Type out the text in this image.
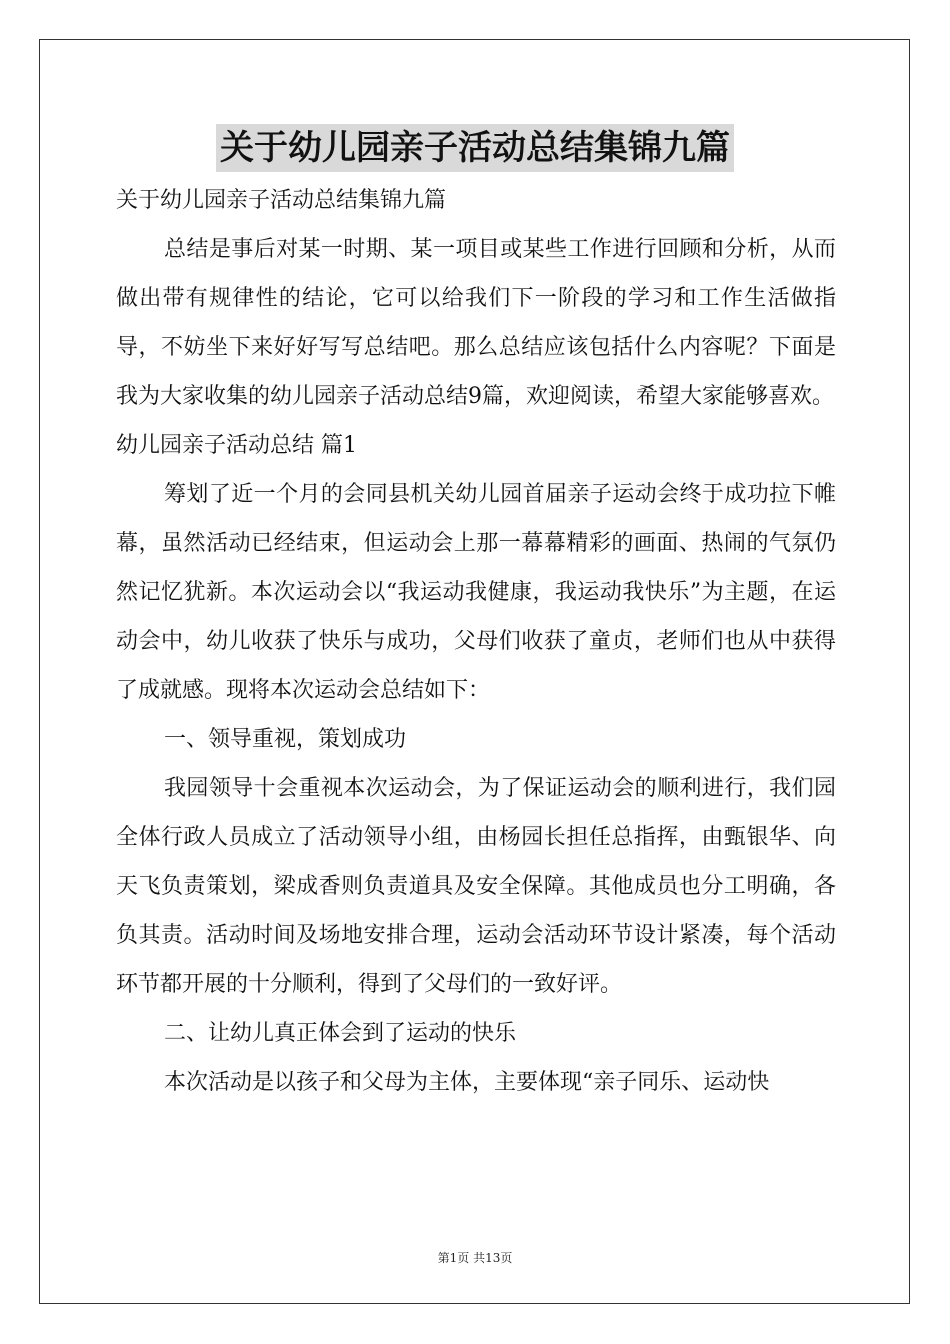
关于幼儿园亲子活动总结集锦九篇

关于幼儿园亲子活动总结集锦九篇

总结是事后对某一时期、某一项目或某些工作进行回顾和分析，从而做出带有规律性的结论，它可以给我们下一阶段的学习和工作生活做指导，不妨坐下来好好写写总结吧。那么总结应该包括什么内容呢？下面是我为大家收集的幼儿园亲子活动总结9篇，欢迎阅读，希望大家能够喜欢。

幼儿园亲子活动总结 篇1

筹划了近一个月的会同县机关幼儿园首届亲子运动会终于成功拉下帷幕，虽然活动已经结束，但运动会上那一幕幕精彩的画面、热闹的气氛仍然记忆犹新。本次运动会以“我运动我健康，我运动我快乐”为主题，在运动会中，幼儿收获了快乐与成功，父母们收获了童贞，老师们也从中获得了成就感。现将本次运动会总结如下：

一、领导重视，策划成功

我园领导十会重视本次运动会，为了保证运动会的顺利进行，我们园全体行政人员成立了活动领导小组，由杨园长担任总指挥，由甄银华、向天飞负责策划，梁成香则负责道具及安全保障。其他成员也分工明确，各负其责。活动时间及场地安排合理，运动会活动环节设计紧凑，每个活动环节都开展的十分顺利，得到了父母们的一致好评。

二、让幼儿真正体会到了运动的快乐

本次活动是以孩子和父母为主体，主要体现“亲子同乐、运动快

第1页 共13页
